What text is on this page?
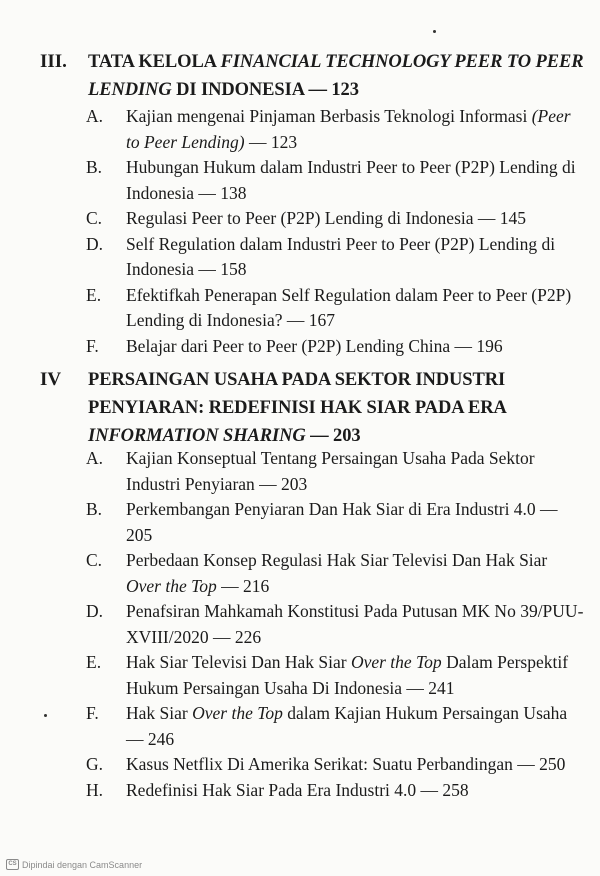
III. TATA KELOLA FINANCIAL TECHNOLOGY PEER TO PEER LENDING DI INDONESIA — 123
A. Kajian mengenai Pinjaman Berbasis Teknologi Informasi (Peer to Peer Lending) — 123
B. Hubungan Hukum dalam Industri Peer to Peer (P2P) Lending di Indonesia — 138
C. Regulasi Peer to Peer (P2P) Lending di Indonesia — 145
D. Self Regulation dalam Industri Peer to Peer (P2P) Lending di Indonesia — 158
E. Efektifkah Penerapan Self Regulation dalam Peer to Peer (P2P) Lending di Indonesia? — 167
F. Belajar dari Peer to Peer (P2P) Lending China — 196
IV PERSAINGAN USAHA PADA SEKTOR INDUSTRI PENYIARAN: REDEFINISI HAK SIAR PADA ERA INFORMATION SHARING — 203
A. Kajian Konseptual Tentang Persaingan Usaha Pada Sektor Industri Penyiaran — 203
B. Perkembangan Penyiaran Dan Hak Siar di Era Industri 4.0 — 205
C. Perbedaan Konsep Regulasi Hak Siar Televisi Dan Hak Siar Over the Top — 216
D. Penafsiran Mahkamah Konstitusi Pada Putusan MK No 39/PUU-XVIII/2020 — 226
E. Hak Siar Televisi Dan Hak Siar Over the Top Dalam Perspektif Hukum Persaingan Usaha Di Indonesia — 241
F. Hak Siar Over the Top dalam Kajian Hukum Persaingan Usaha — 246
G. Kasus Netflix Di Amerika Serikat: Suatu Perbandingan — 250
H. Redefinisi Hak Siar Pada Era Industri 4.0 — 258
CS Dipindai dengan CamScanner
